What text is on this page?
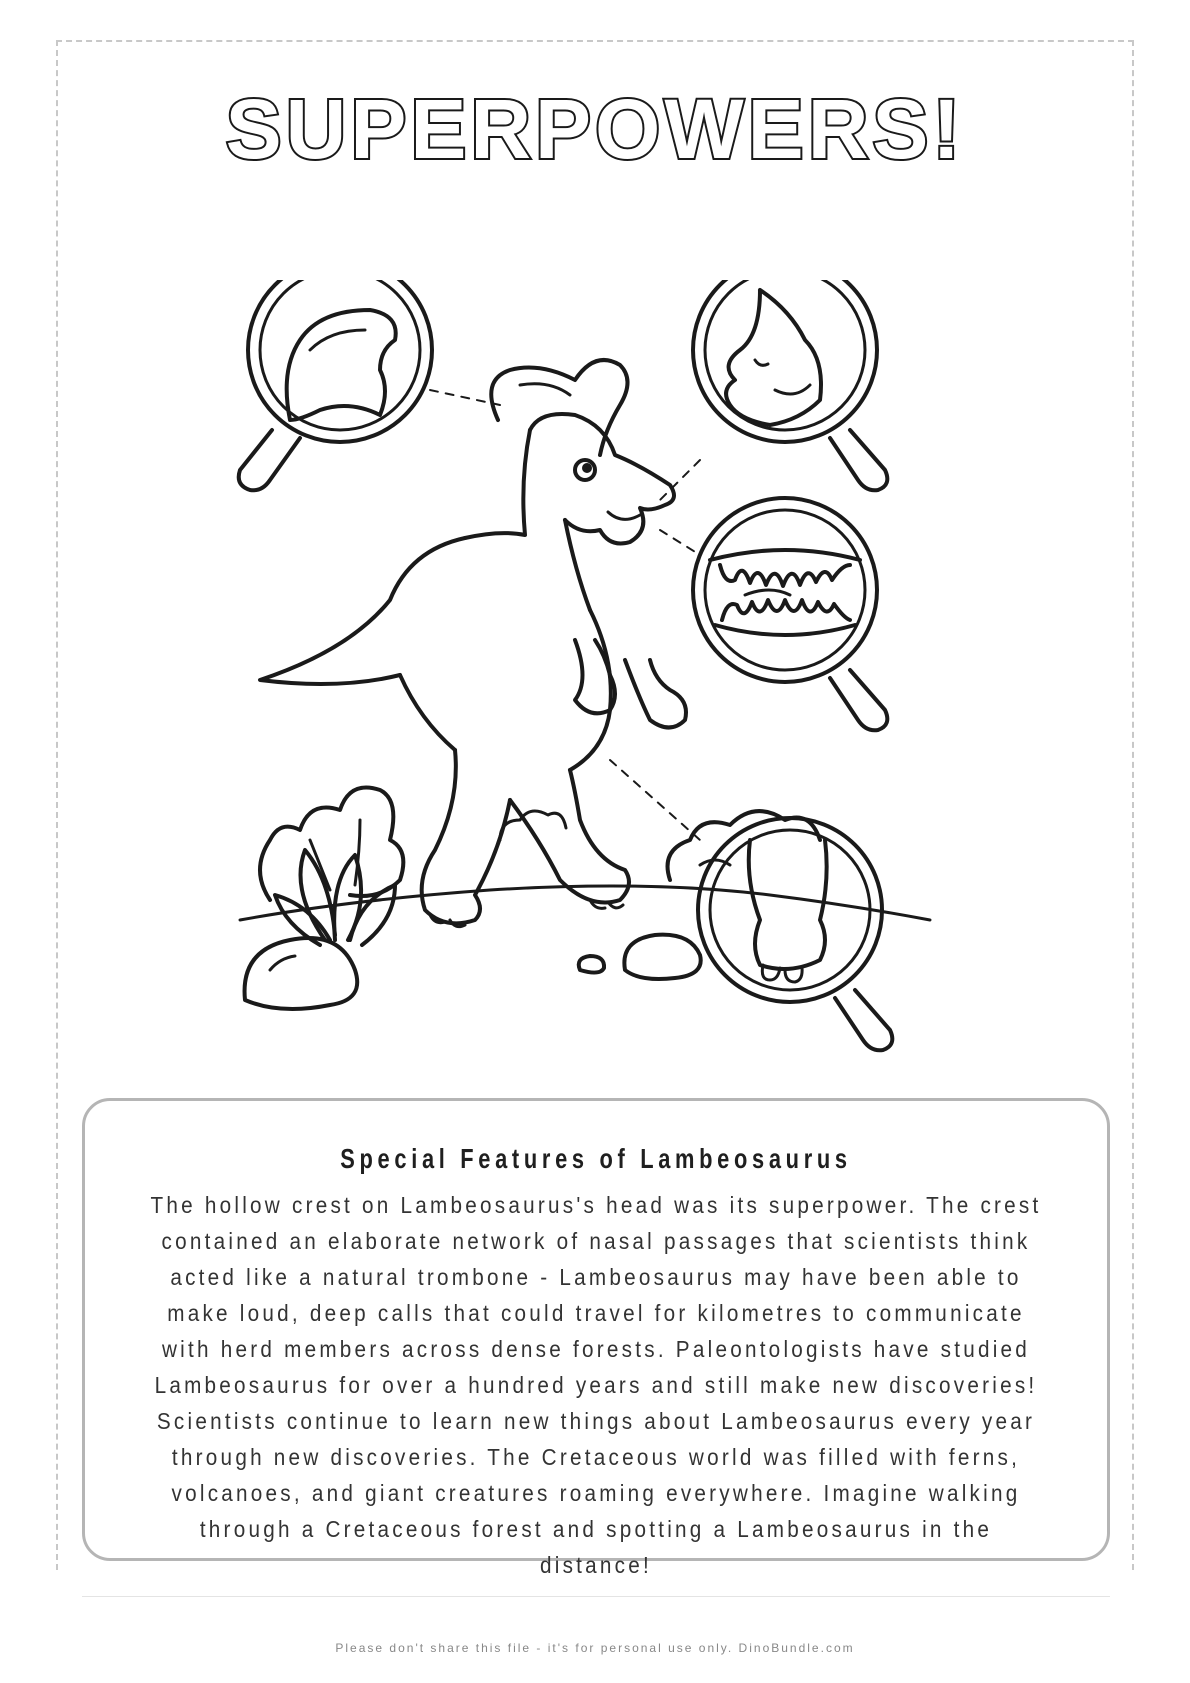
SUPERPOWERS!
Special Features of Lambeosaurus
The hollow crest on Lambeosaurus's head was its superpower. The crest contained an elaborate network of nasal passages that scientists think acted like a natural trombone - Lambeosaurus may have been able to make loud, deep calls that could travel for kilometres to communicate with herd members across dense forests. Paleontologists have studied Lambeosaurus for over a hundred years and still make new discoveries! Scientists continue to learn new things about Lambeosaurus every year through new discoveries. The Cretaceous world was filled with ferns, volcanoes, and giant creatures roaming everywhere. Imagine walking through a Cretaceous forest and spotting a Lambeosaurus in the distance!
Please don't share this file - it's for personal use only. DinoBundle.com
